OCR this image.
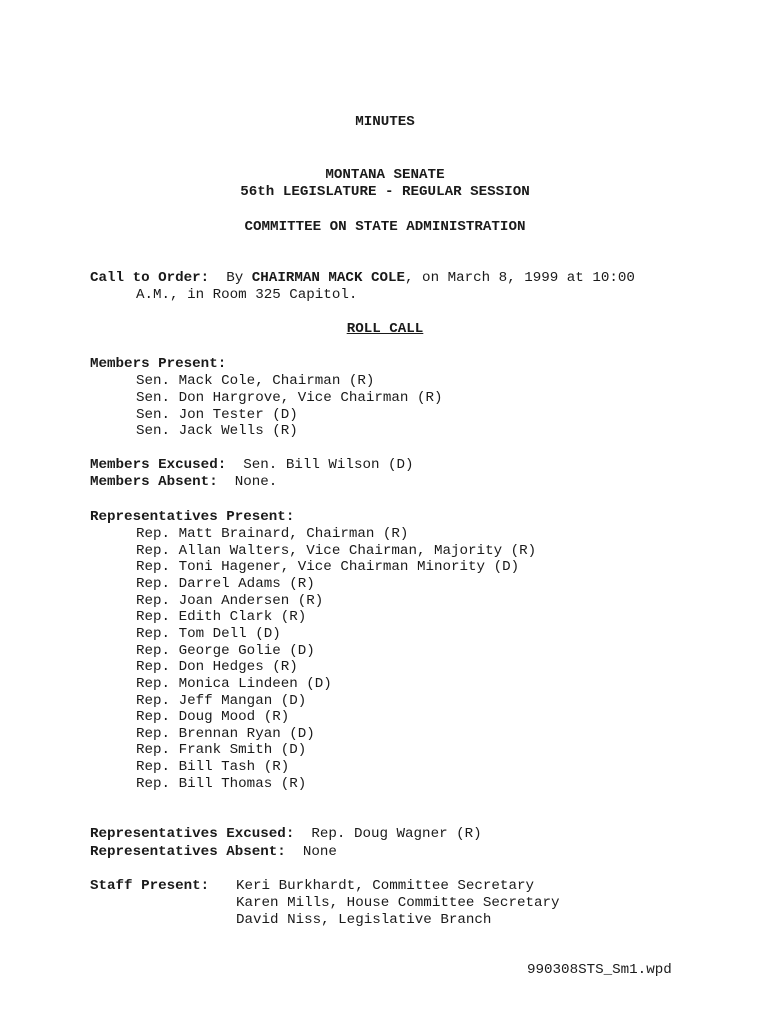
MINUTES
MONTANA SENATE
56th LEGISLATURE - REGULAR SESSION
COMMITTEE ON STATE ADMINISTRATION
Call to Order: By CHAIRMAN MACK COLE, on March 8, 1999 at 10:00
A.M., in Room 325 Capitol.
ROLL CALL
Members Present:
Sen. Mack Cole, Chairman (R)
Sen. Don Hargrove, Vice Chairman (R)
Sen. Jon Tester (D)
Sen. Jack Wells (R)
Members Excused: Sen. Bill Wilson (D)
Members Absent: None.
Representatives Present:
Rep. Matt Brainard, Chairman (R)
Rep. Allan Walters, Vice Chairman, Majority (R)
Rep. Toni Hagener, Vice Chairman Minority (D)
Rep. Darrel Adams (R)
Rep. Joan Andersen (R)
Rep. Edith Clark (R)
Rep. Tom Dell (D)
Rep. George Golie (D)
Rep. Don Hedges (R)
Rep. Monica Lindeen (D)
Rep. Jeff Mangan (D)
Rep. Doug Mood (R)
Rep. Brennan Ryan (D)
Rep. Frank Smith (D)
Rep. Bill Tash (R)
Rep. Bill Thomas (R)
Representatives Excused: Rep. Doug Wagner (R)
Representatives Absent: None
Staff Present: Keri Burkhardt, Committee Secretary
Karen Mills, House Committee Secretary
David Niss, Legislative Branch
990308STS_Sm1.wpd
